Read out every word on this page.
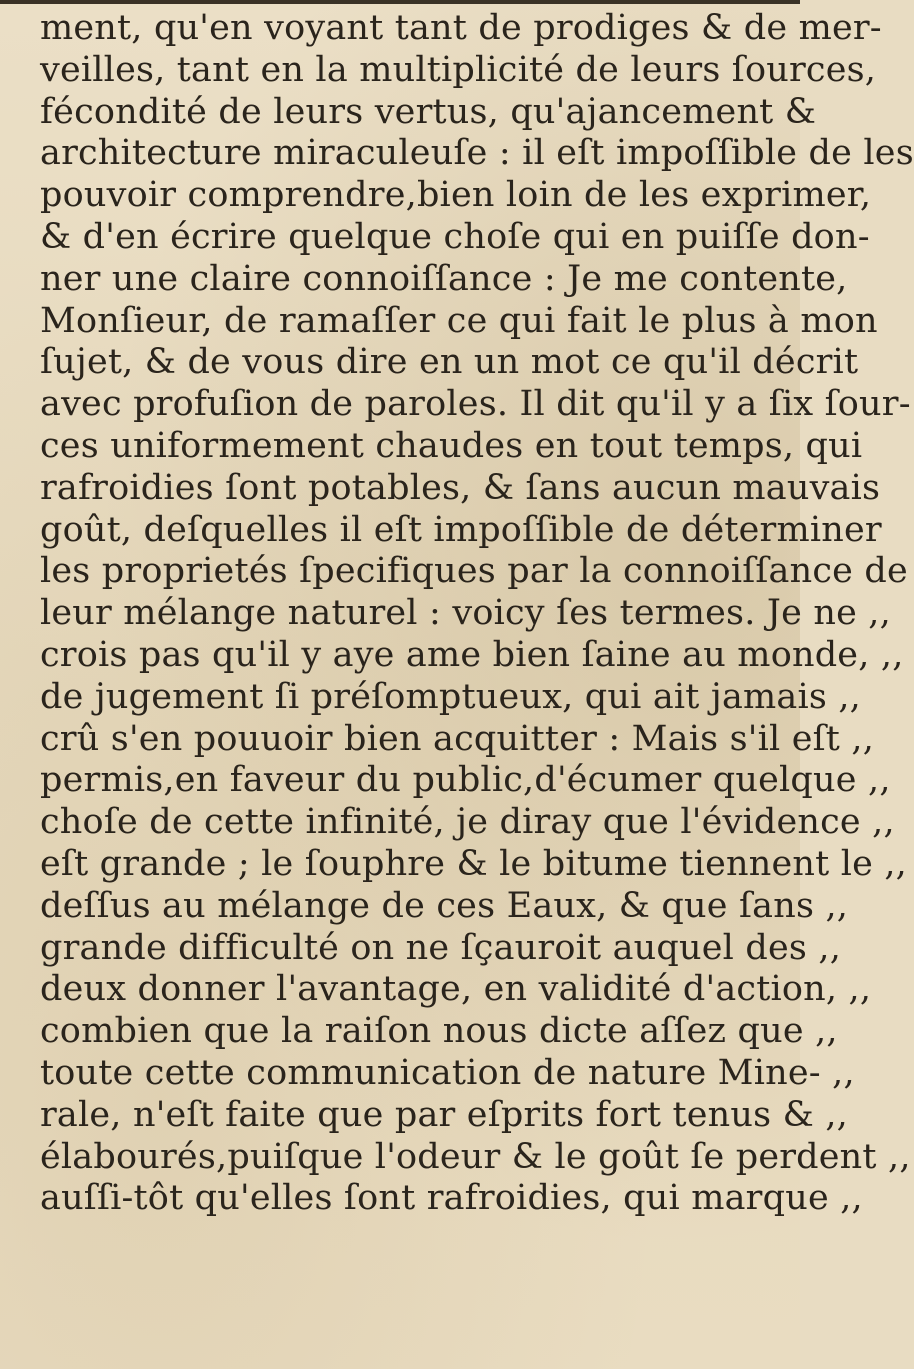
ment, qu'en voyant tant de prodiges & de mer-
veilles, tant en la multiplicité de leurs ſources,
fécondité de leurs vertus, qu'ajancement &
architecture miraculeuſe : il eſt impoſſible de les
pouvoir comprendre,bien loin de les exprimer,
& d'en écrire quelque choſe qui en puiſſe don-
ner une claire connoiſſance : Je me contente,
Monſieur, de ramaſſer ce qui fait le plus à mon
ſujet, & de vous dire en un mot ce qu'il décrit
avec profuſion de paroles. Il dit qu'il y a ſix ſour-
ces uniformement chaudes en tout temps, qui
rafroidies ſont potables, & ſans aucun mauvais
goût, deſquelles il eſt impoſſible de déterminer
les proprietés ſpecifiques par la connoiſſance de
leur mélange naturel : voicy ſes termes. Je ne ,,
crois pas qu'il y aye ame bien ſaine au monde, ,,
de jugement ſi préſomptueux, qui ait jamais ,,
crû s'en pouuoir bien acquitter : Mais s'il eſt ,,
permis,en faveur du public,d'écumer quelque ,,
choſe de cette infinité, je diray que l'évidence ,,
eſt grande ; le ſouphre & le bitume tiennent le ,,
deſſus au mélange de ces Eaux, & que ſans ,,
grande difficulté on ne ſçauroit auquel des ,,
deux donner l'avantage, en validité d'action, ,,
combien que la raiſon nous dicte aſſez que ,,
toute cette communication de nature Mine- ,,
rale, n'eſt faite que par eſprits fort tenus & ,,
élabourés,puiſque l'odeur & le goût ſe perdent ,,
auſſi-tôt qu'elles ſont rafroidies, qui marque ,,
